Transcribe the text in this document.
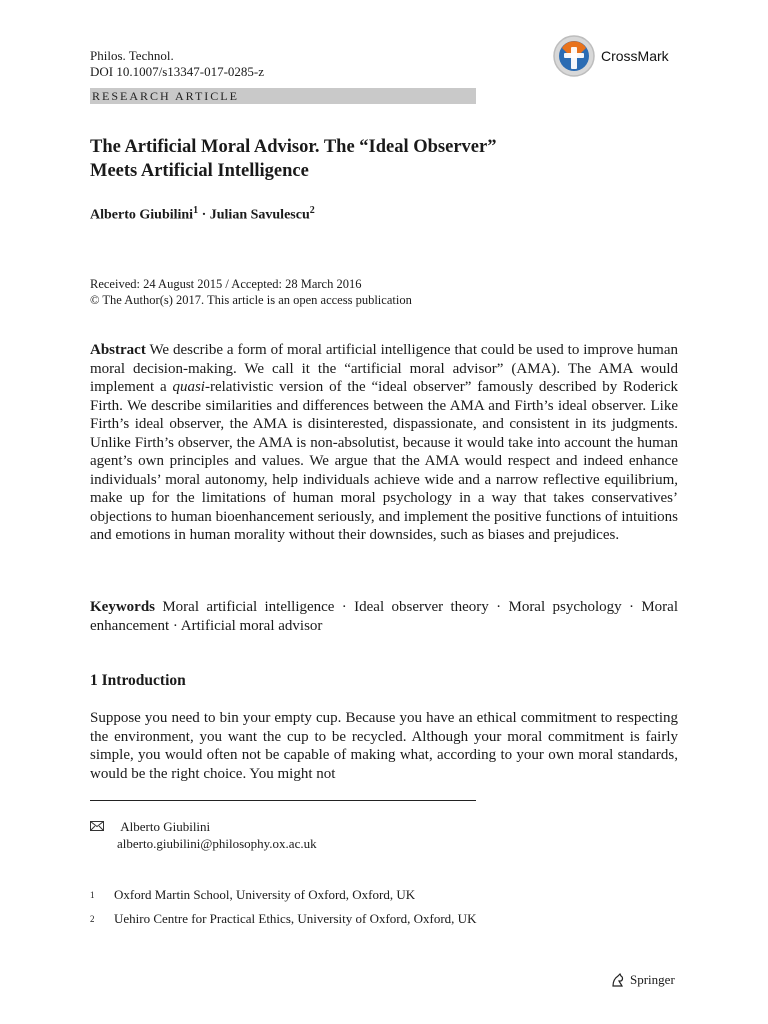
Philos. Technol.
DOI 10.1007/s13347-017-0285-z
CrossMark
RESEARCH ARTICLE
The Artificial Moral Advisor. The “Ideal Observer”
Meets Artificial Intelligence
Alberto Giubilini$^1$ · Julian Savulescu$^2$
Received: 24 August 2015 / Accepted: 28 March 2016
© The Author(s) 2017. This article is an open access publication

Abstract We describe a form of moral artificial intelligence that could be used to improve human moral decision-making. We call it the “artificial moral advisor” (AMA). The AMA would implement a quasi-relativistic version of the “ideal observer” famously described by Roderick Firth. We describe similarities and differences between the AMA and Firth’s ideal observer. Like Firth’s ideal observer, the AMA is disinterested, dispassionate, and consistent in its judgments. Unlike Firth’s observer, the AMA is non-absolutist, because it would take into account the human agent’s own principles and values. We argue that the AMA would respect and indeed enhance individuals’ moral autonomy, help individuals achieve wide and a narrow reflective equilibrium, make up for the limitations of human moral psychology in a way that takes conservatives’ objections to human bioenhancement seriously, and implement the positive functions of intuitions and emotions in human morality without their downsides, such as biases and prejudices.

Keywords Moral artificial intelligence · Ideal observer theory · Moral psychology · Moral enhancement · Artificial moral advisor

1 Introduction

Suppose you need to bin your empty cup. Because you have an ethical commitment to respecting the environment, you want the cup to be recycled. Although your moral commitment is fairly simple, you would often not be capable of making what, according to your own moral standards, would be the right choice. You might not

Alberto Giubilini
alberto.giubilini@philosophy.ox.ac.uk
1 Oxford Martin School, University of Oxford, Oxford, UK
2 Uehiro Centre for Practical Ethics, University of Oxford, Oxford, UK
Springer
